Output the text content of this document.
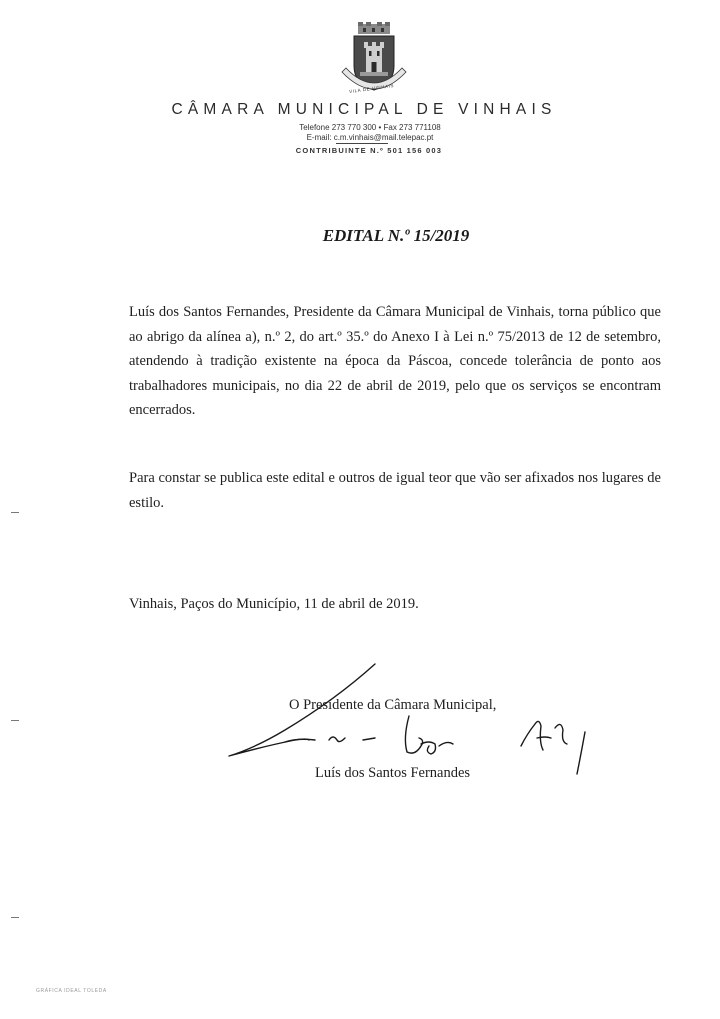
VILA DE VINHAIS
CÂMARA MUNICIPAL DE VINHAIS
Telefone 273 770 300 • Fax 273 771108
E-mail: c.m.vinhais@mail.telepac.pt
CONTRIBUINTE N.º 501 156 003
EDITAL N.º 15/2019

Luís dos Santos Fernandes, Presidente da Câmara Municipal de Vinhais, torna público que ao abrigo da alínea a), n.º 2, do art.º 35.º do Anexo I à Lei n.º 75/2013 de 12 de setembro, atendendo à tradição existente na época da Páscoa, concede tolerância de ponto aos trabalhadores municipais, no dia 22 de abril de 2019, pelo que os serviços se encontram encerrados.

Para constar se publica este edital e outros de igual teor que vão ser afixados nos lugares de estilo.

Vinhais, Paços do Município, 11 de abril de 2019.
O Presidente da Câmara Municipal,
Luís dos Santos Fernandes
GRÁFICA IDEAL TOLEDA
